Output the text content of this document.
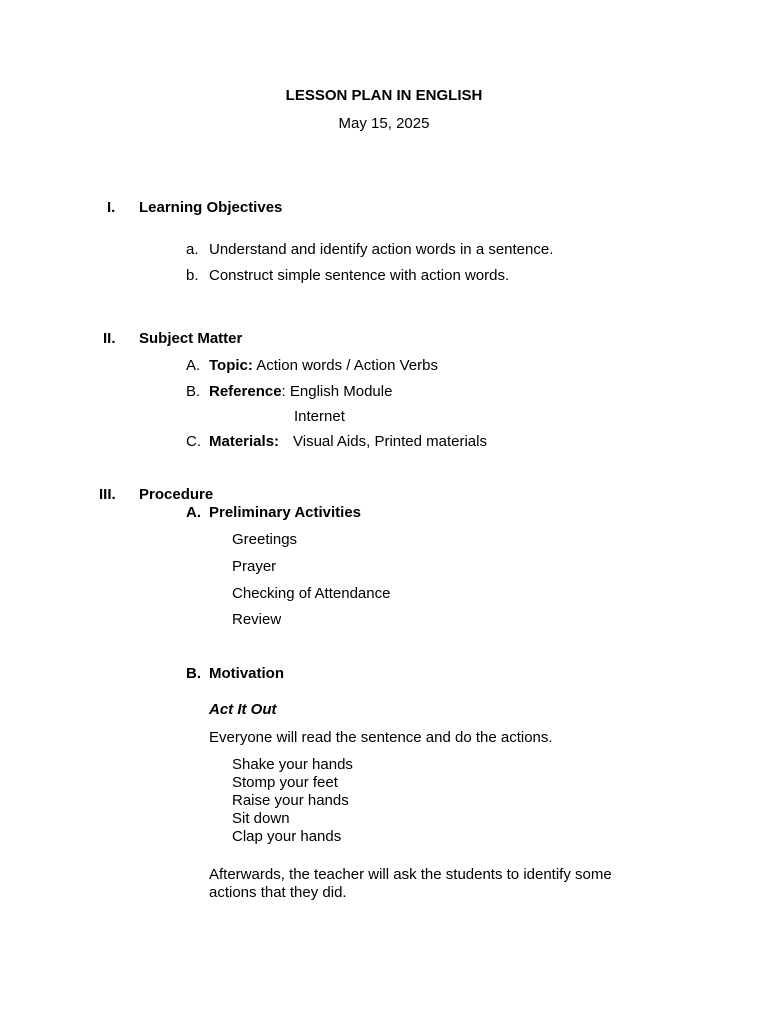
LESSON PLAN IN ENGLISH
May 15, 2025
I. Learning Objectives
a. Understand and identify action words in a sentence.
b. Construct simple sentence with action words.
II. Subject Matter
A. Topic: Action words / Action Verbs
B. Reference: English Module
Internet
C. Materials: Visual Aids, Printed materials
III. Procedure
A. Preliminary Activities
Greetings
Prayer
Checking of Attendance
Review
B. Motivation
Act It Out
Everyone will read the sentence and do the actions.
Shake your hands
Stomp your feet
Raise your hands
Sit down
Clap your hands
Afterwards, the teacher will ask the students to identify some
actions that they did.
